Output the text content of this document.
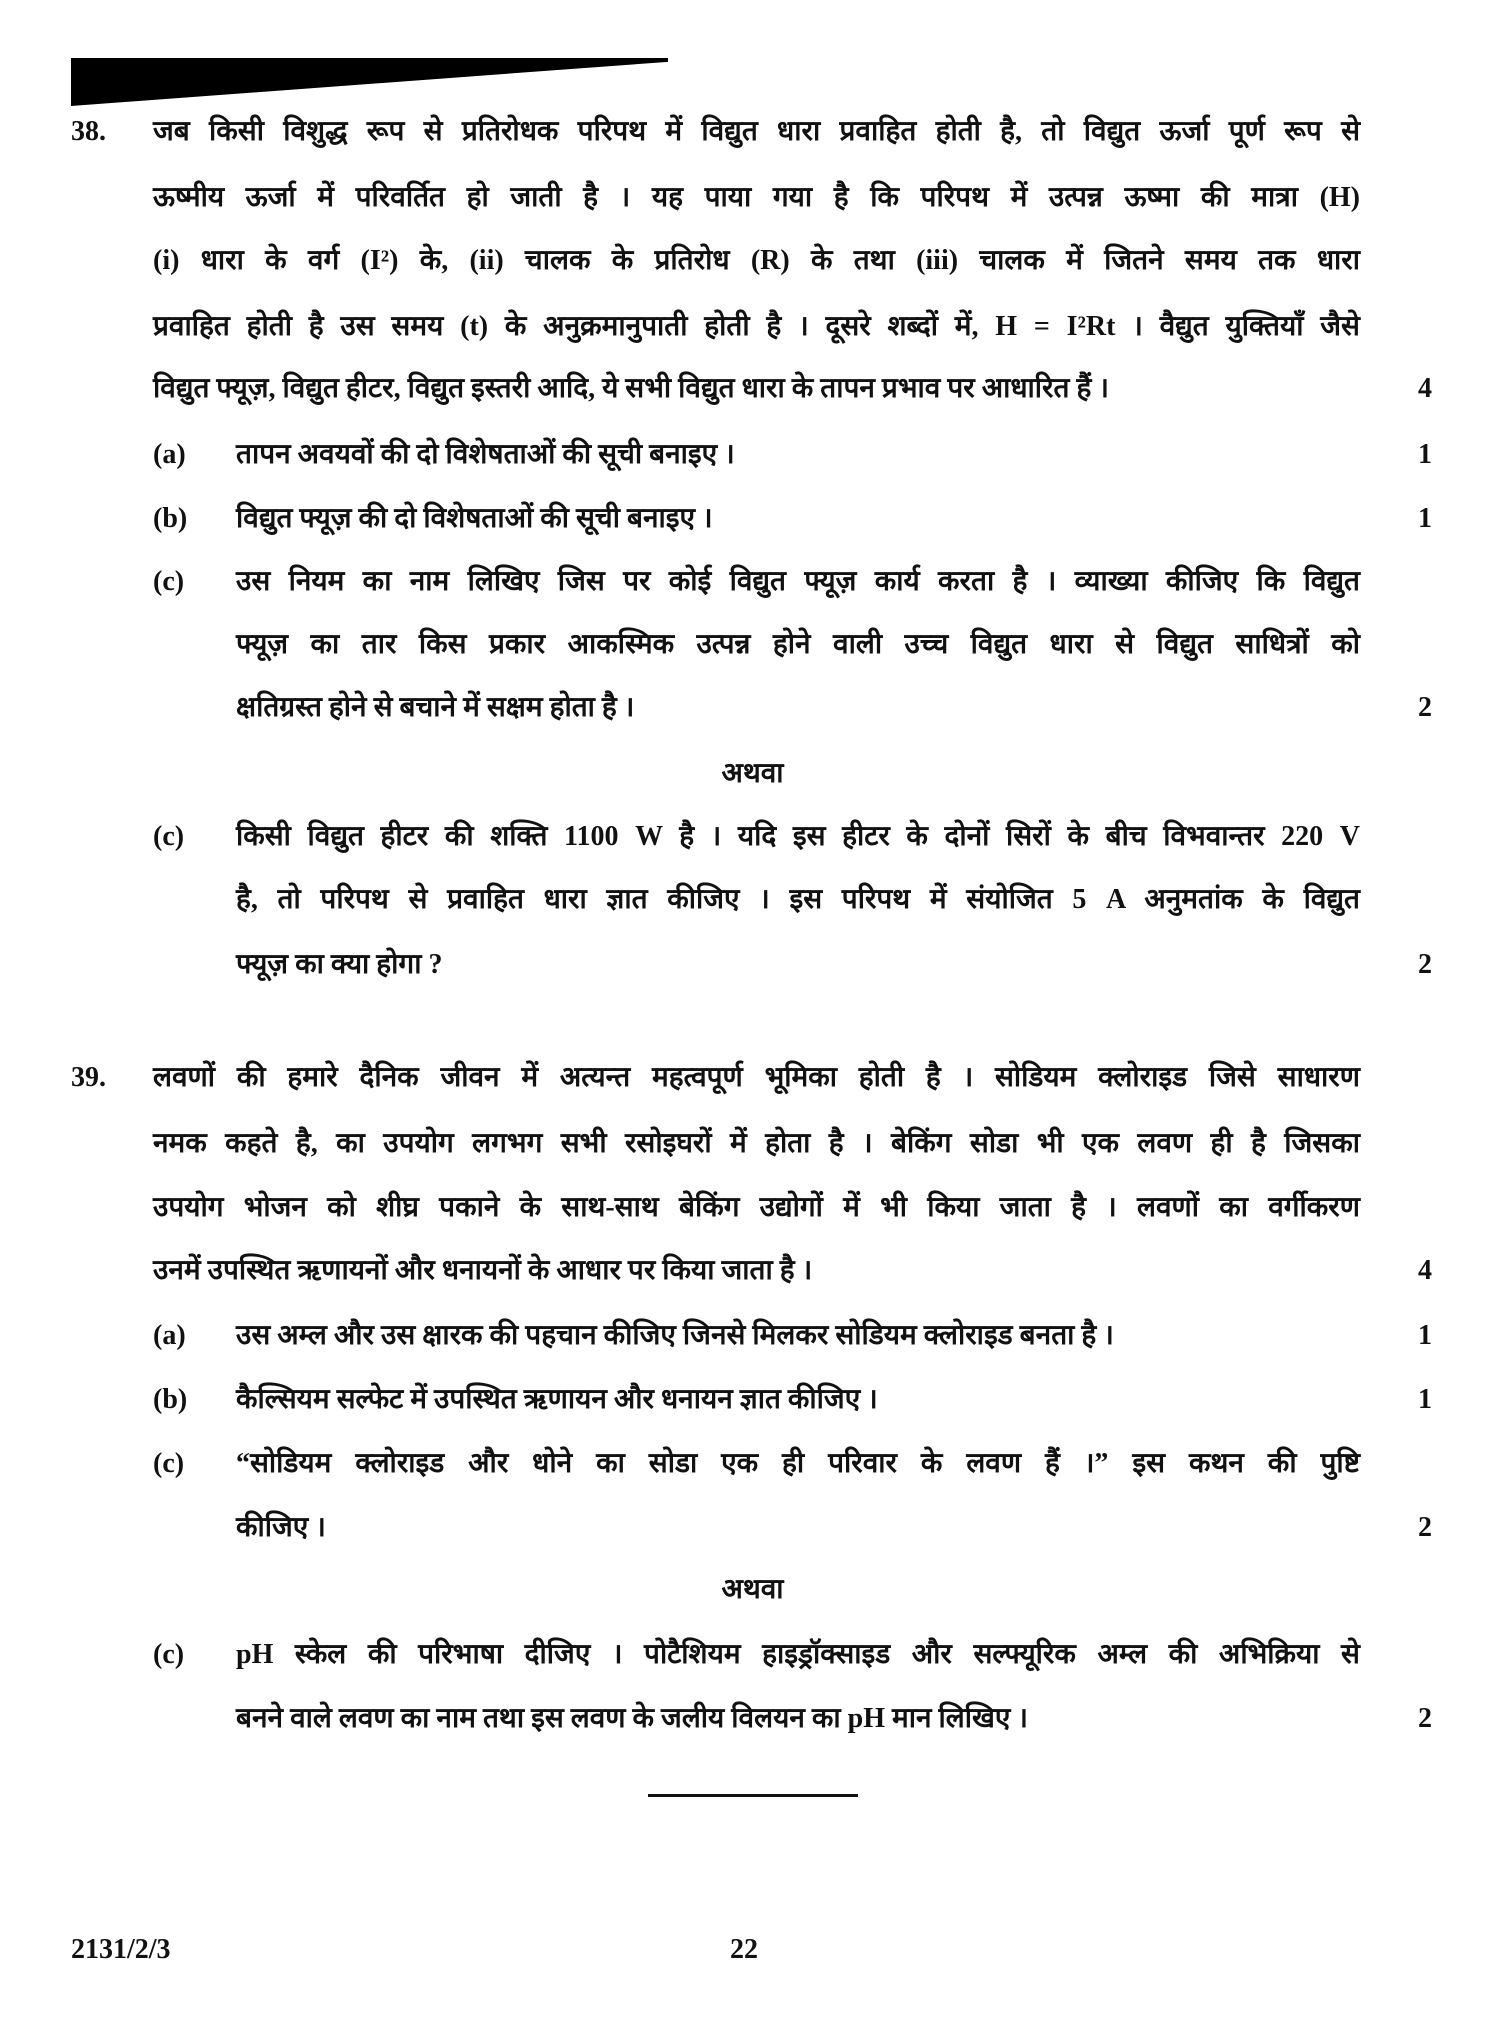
38. जब किसी विशुद्ध रूप से प्रतिरोधक परिपथ में विद्युत धारा प्रवाहित होती है, तो विद्युत ऊर्जा पूर्ण रूप से
ऊष्मीय ऊर्जा में परिवर्तित हो जाती है । यह पाया गया है कि परिपथ में उत्पन्न ऊष्मा की मात्रा (H)
(i) धारा के वर्ग (I²) के, (ii) चालक के प्रतिरोध (R) के तथा (iii) चालक में जितने समय तक धारा
प्रवाहित होती है उस समय (t) के अनुक्रमानुपाती होती है । दूसरे शब्दों में, H = I²Rt । वैद्युत युक्तियाँ जैसे
विद्युत फ्यूज़, विद्युत हीटर, विद्युत इस्तरी आदि, ये सभी विद्युत धारा के तापन प्रभाव पर आधारित हैं ।	4
(a) तापन अवयवों की दो विशेषताओं की सूची बनाइए ।	1
(b) विद्युत फ्यूज़ की दो विशेषताओं की सूची बनाइए ।	1
(c) उस नियम का नाम लिखिए जिस पर कोई विद्युत फ्यूज़ कार्य करता है । व्याख्या कीजिए कि विद्युत
फ्यूज़ का तार किस प्रकार आकस्मिक उत्पन्न होने वाली उच्च विद्युत धारा से विद्युत साधित्रों को
क्षतिग्रस्त होने से बचाने में सक्षम होता है ।	2
अथवा
(c) किसी विद्युत हीटर की शक्ति 1100 W है । यदि इस हीटर के दोनों सिरों के बीच विभवान्तर 220 V
है, तो परिपथ से प्रवाहित धारा ज्ञात कीजिए । इस परिपथ में संयोजित 5 A अनुमतांक के विद्युत
फ्यूज़ का क्या होगा ?	2
39. लवणों की हमारे दैनिक जीवन में अत्यन्त महत्वपूर्ण भूमिका होती है । सोडियम क्लोराइड जिसे साधारण
नमक कहते है, का उपयोग लगभग सभी रसोइघरों में होता है । बेकिंग सोडा भी एक लवण ही है जिसका
उपयोग भोजन को शीघ्र पकाने के साथ-साथ बेकिंग उद्योगों में भी किया जाता है । लवणों का वर्गीकरण
उनमें उपस्थित ऋणायनों और धनायनों के आधार पर किया जाता है ।	4
(a) उस अम्ल और उस क्षारक की पहचान कीजिए जिनसे मिलकर सोडियम क्लोराइड बनता है ।	1
(b) कैल्सियम सल्फेट में उपस्थित ऋणायन और धनायन ज्ञात कीजिए ।	1
(c) “सोडियम क्लोराइड और धोने का सोडा एक ही परिवार के लवण हैं ।” इस कथन की पुष्टि
कीजिए ।	2
अथवा
(c) pH स्केल की परिभाषा दीजिए । पोटैशियम हाइड्रॉक्साइड और सल्फ्यूरिक अम्ल की अभिक्रिया से
बनने वाले लवण का नाम तथा इस लवण के जलीय विलयन का pH मान लिखिए ।	2
2131/2/3	22
